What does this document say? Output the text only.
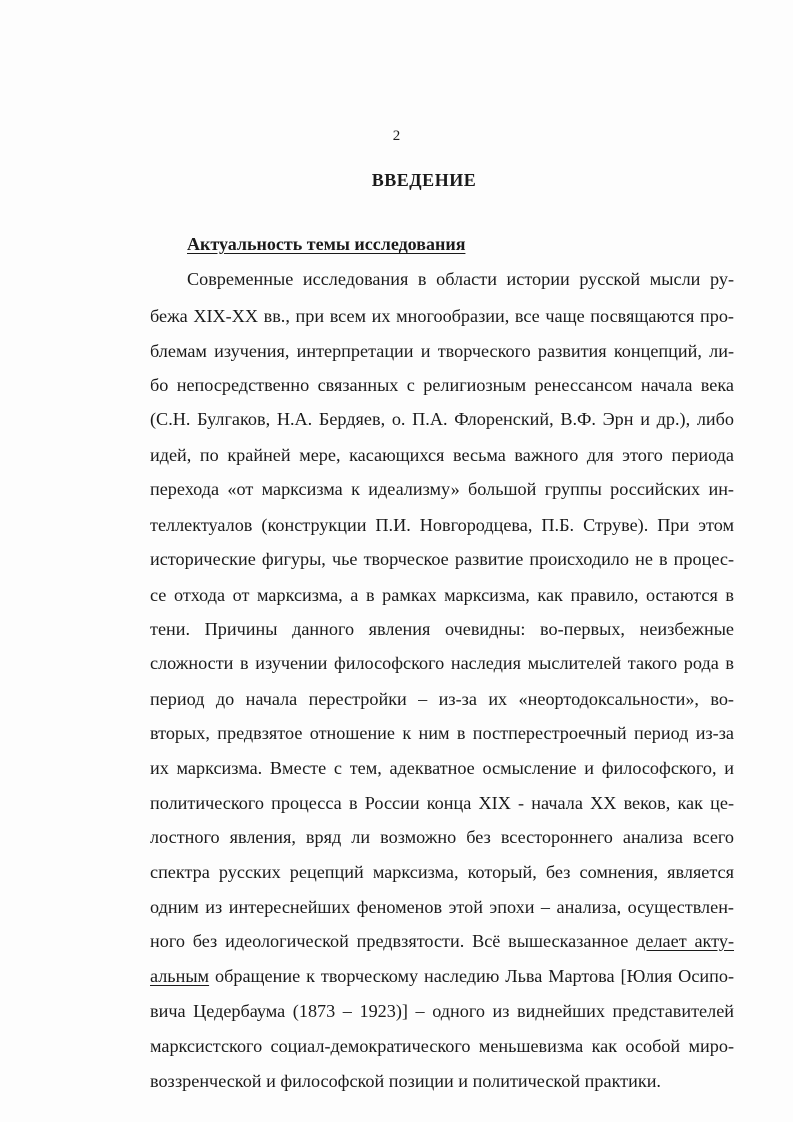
2
ВВЕДЕНИЕ
Актуальность темы исследования
Современные исследования в области истории русской мысли ру-
бежа XIX-XX вв., при всем их многообразии, все чаще посвящаются про-
блемам изучения, интерпретации и творческого развития концепций, ли-
бо непосредственно связанных с религиозным ренессансом начала века
(С.Н. Булгаков, Н.А. Бердяев, о. П.А. Флоренский, В.Ф. Эрн и др.), либо
идей, по крайней мере, касающихся весьма важного для этого периода
перехода «от марксизма к идеализму» большой группы российских ин-
теллектуалов (конструкции П.И. Новгородцева, П.Б. Струве). При этом
исторические фигуры, чье творческое развитие происходило не в процес-
се отхода от марксизма, а в рамках марксизма, как правило, остаются в
тени. Причины данного явления очевидны: во-первых, неизбежные
сложности в изучении философского наследия мыслителей такого рода в
период до начала перестройки – из-за их «неортодоксальности», во-
вторых, предвзятое отношение к ним в постперестроечный период из-за
их марксизма. Вместе с тем, адекватное осмысление и философского, и
политического процесса в России конца XIX - начала XX веков, как це-
лостного явления, вряд ли возможно без всестороннего анализа всего
спектра русских рецепций марксизма, который, без сомнения, является
одним из интереснейших феноменов этой эпохи – анализа, осуществлен-
ного без идеологической предвзятости. Всё вышесказанное делает акту-
альным обращение к творческому наследию Льва Мартова [Юлия Осипо-
вича Цедербаума (1873 – 1923)] – одного из виднейших представителей
марксистского социал-демократического меньшевизма как особой миро-
воззренческой и философской позиции и политической практики.
